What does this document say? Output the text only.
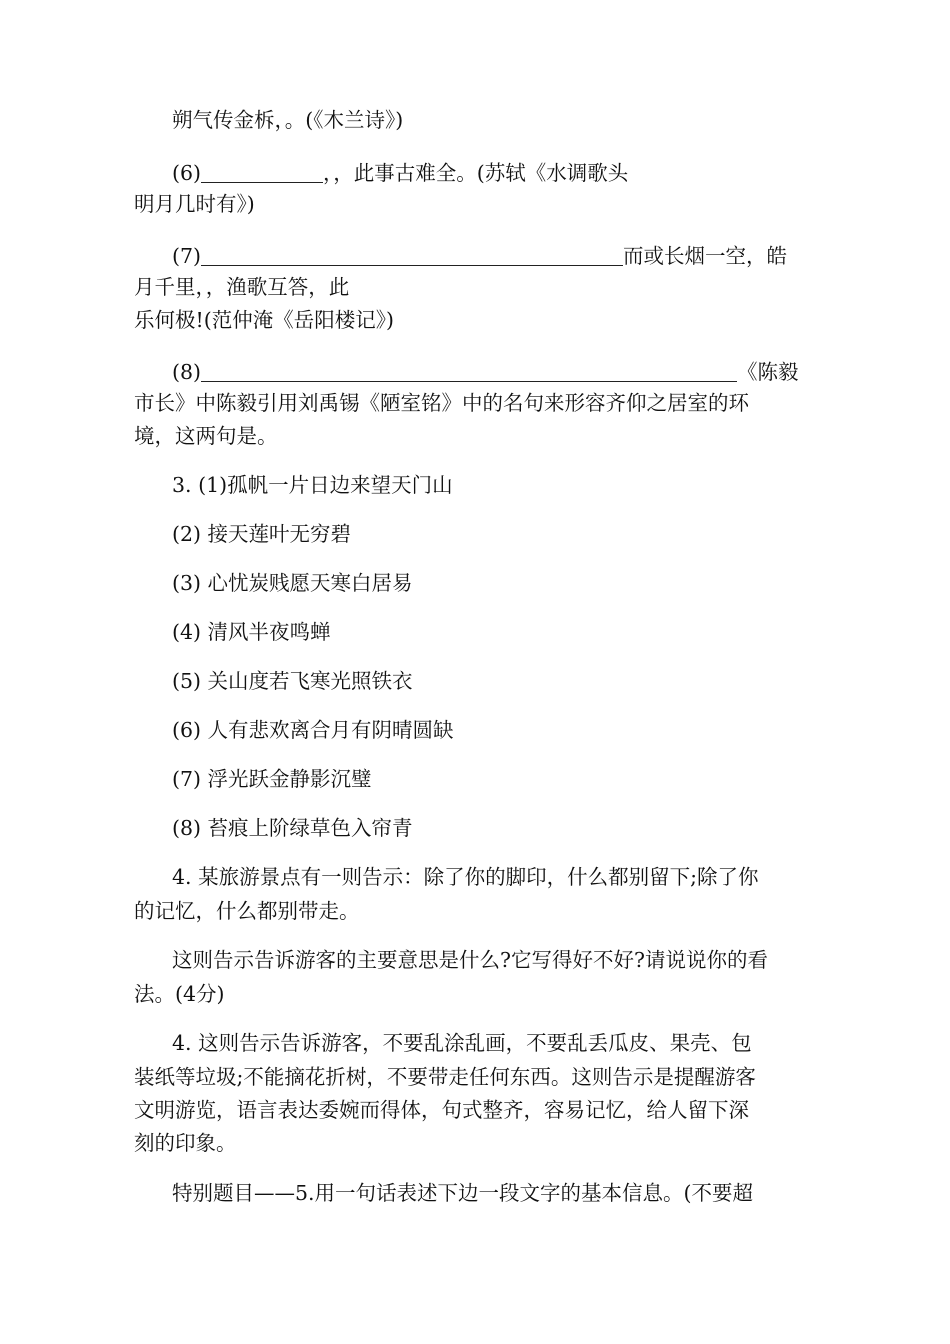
朔气传金柝，。(《木兰诗》)
(6)	，，此事古难全。(苏轼《水调歌头
明月几时有》)
(7)	而或长烟一空，皓
月千里，，渔歌互答，此
乐何极!(范仲淹《岳阳楼记》)
(8)	《陈毅
市长》中陈毅引用刘禹锡《陋室铭》中的名句来形容齐仰之居室的环
境，这两句是。
3. (1)孤帆一片日边来望天门山
(2) 接天莲叶无穷碧
(3) 心忧炭贱愿天寒白居易
(4) 清风半夜鸣蝉
(5) 关山度若飞寒光照铁衣
(6) 人有悲欢离合月有阴晴圆缺
(7) 浮光跃金静影沉璧
(8) 苔痕上阶绿草色入帘青
4. 某旅游景点有一则告示：除了你的脚印，什么都别留下;除了你
的记忆，什么都别带走。
这则告示告诉游客的主要意思是什么?它写得好不好?请说说你的看
法。(4分)
4. 这则告示告诉游客，不要乱涂乱画，不要乱丢瓜皮、果壳、包
装纸等垃圾;不能摘花折树，不要带走任何东西。这则告示是提醒游客
文明游览，语言表达委婉而得体，句式整齐，容易记忆，给人留下深
刻的印象。
特别题目——5.用一句话表述下边一段文字的基本信息。(不要超
